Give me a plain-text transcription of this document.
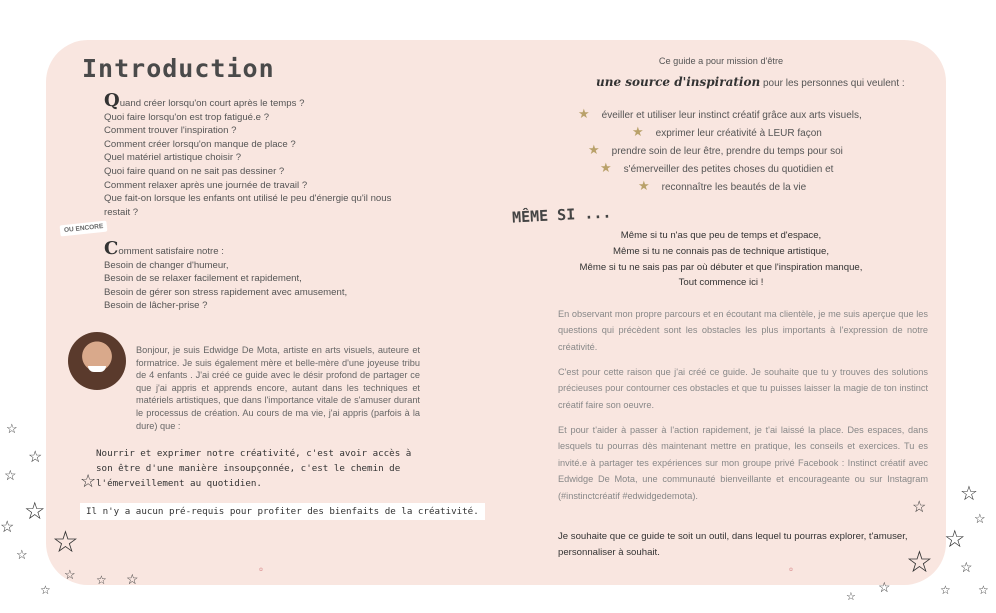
Introduction
Quand créer lorsqu'on court après le temps ?
Quoi faire lorsqu'on est trop fatigué.e ?
Comment trouver l'inspiration ?
Comment créer lorsqu'on manque de place ?
Quel matériel artistique choisir ?
Quoi faire quand on ne sait pas dessiner ?
Comment relaxer après une journée de travail ?
Que fait-on lorsque les enfants ont utilisé le peu d'énergie qu'il nous
restait ?
OU ENCORE
Comment satisfaire notre :
Besoin de changer d'humeur,
Besoin de se relaxer facilement et rapidement,
Besoin de gérer son stress rapidement avec amusement,
Besoin de lâcher-prise ?
Bonjour, je suis Edwidge De Mota, artiste en arts visuels, auteure et formatrice. Je suis également mère et belle-mère d'une joyeuse tribu de 4 enfants . J'ai créé ce guide avec le désir profond de partager ce que j'ai appris et apprends encore, autant dans les techniques et matériels artistiques, que dans l'importance vitale de s'amuser durant le processus de création. Au cours de ma vie, j'ai appris (parfois à la dure) que :
Nourrir et exprimer notre créativité, c'est avoir accès à son être d'une manière insoupçonnée, c'est le chemin de l'émerveillement au quotidien.
Il n'y a aucun pré-requis pour profiter des bienfaits de la créativité.
✿
Ce guide a pour mission d'être
une source d'inspiration pour les personnes qui veulent :
★ éveiller et utiliser leur instinct créatif grâce aux arts visuels,
★ exprimer leur créativité à LEUR façon
★ prendre soin de leur être, prendre du temps pour soi
★ s'émerveiller des petites choses du quotidien et
★ reconnaître les beautés de la vie
MÊME SI ...
Même si tu n'as que peu de temps et d'espace,
Même si tu ne connais pas de technique artistique,
Même si tu ne sais pas par où débuter et que l'inspiration manque,
Tout commence ici !
En observant mon propre parcours et en écoutant ma clientèle, je me suis aperçue que les questions qui précèdent sont les obstacles les plus importants à l'expression de notre créativité.
C'est pour cette raison que j'ai créé ce guide. Je souhaite que tu y trouves des solutions précieuses pour contourner ces obstacles et que tu puisses laisser la magie de ton instinct créatif faire son oeuvre.
Et pour t'aider à passer à l'action rapidement, je t'ai laissé la place. Des espaces, dans lesquels tu pourras dès maintenant mettre en pratique, les conseils et exercices. Tu es invité.e à partager tes expériences sur mon groupe privé Facebook : Instinct créatif avec Edwidge De Mota, une communauté bienveillante et encourageante ou sur Instagram (#instinctcréatif #edwidgedemota).
Je souhaite que ce guide te soit un outil, dans lequel tu pourras explorer, t'amuser, personnaliser à souhait.
✿
☆
☆
☆
☆
☆ ☆
☆
☆ ☆ ☆
☆
☆
☆
☆
☆
☆
☆ ☆
☆
☆
☆	☆
